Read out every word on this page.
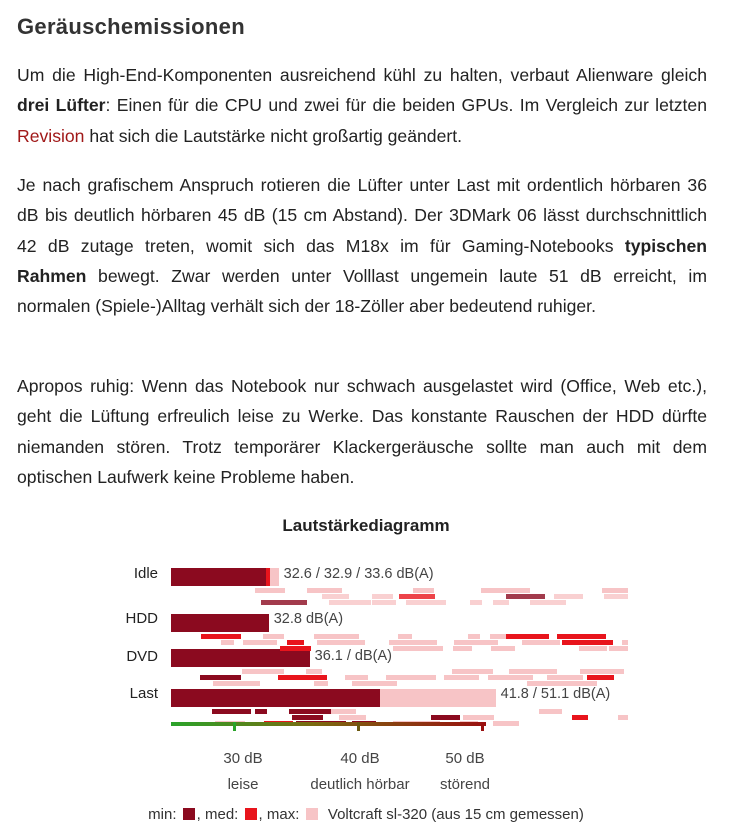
Geräuschemissionen

Um die High-End-Komponenten ausreichend kühl zu halten, verbaut Alienware gleich drei Lüfter: Einen für die CPU und zwei für die beiden GPUs. Im Vergleich zur letzten Revision hat sich die Lautstärke nicht großartig geändert.

Je nach grafischem Anspruch rotieren die Lüfter unter Last mit ordentlich hörbaren 36 dB bis deutlich hörbaren 45 dB (15 cm Abstand). Der 3DMark 06 lässt durchschnittlich 42 dB zutage treten, womit sich das M18x im für Gaming-Notebooks typischen Rahmen bewegt. Zwar werden unter Volllast ungemein laute 51 dB erreicht, im normalen (Spiele-)Alltag verhält sich der 18-Zöller aber bedeutend ruhiger.

Apropos ruhig: Wenn das Notebook nur schwach ausgelastet wird (Office, Web etc.), geht die Lüftung erfreulich leise zu Werke. Das konstante Rauschen der HDD dürfte niemanden stören. Trotz temporärer Klackergeräusche sollte man auch mit dem optischen Laufwerk keine Probleme haben.

Lautstärkediagramm
Idle
HDD
DVD
Last
32.6 / 32.9 / 33.6 dB(A)
32.8 dB(A)
36.1 / dB(A)
41.8 / 51.1 dB(A)
30 dB
leise
40 dB
deutlich hörbar
50 dB
störend
min: , med: , max: Voltcraft sl-320 (aus 15 cm gemessen)
